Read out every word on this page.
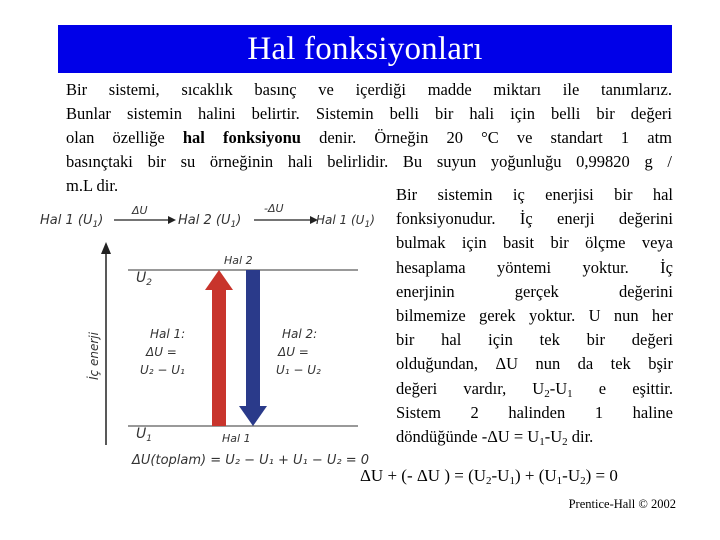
Hal fonksiyonları
Bir sistemi, sıcaklık basınç ve içerdiği madde miktarı ile tanımlarız.
Bunlar sistemin halini belirtir. Sistemin belli bir hali için belli bir değeri
olan özelliğe hal fonksiyonu denir. Örneğin 20 °C ve standart 1 atm
basınçtaki bir su örneğinin hali belirlidir. Bu suyun yoğunluğu 0,99820 g /
m.L dir.
Hal 1 $(U_1)$
ΔU
Hal 2 $(U_1)$
-ΔU
Hal 1 $(U_1)$
İç enerji
$U_2$
Hal 2
$U_1$	Hal 1
Hal 1:
ΔU =
U₂ − U₁
Hal 2:
ΔU =
U₁ − U₂
ΔU(toplam) = U₂ − U₁ + U₁ − U₂ = 0
Bir sistemin iç enerjisi bir hal
fonksiyonudur. İç enerji değerini
bulmak için basit bir ölçme veya
hesaplama yöntemi yoktur. İç
enerjinin gerçek değerini
bilmemize gerek yoktur. U nun her
bir hal için tek bir değeri
olduğundan, ΔU nun da tek bşir
değeri vardır, $U_2-U_1$ e eşittir.
Sistem 2 halinden 1 haline
döndüğünde $-\Delta U = U_1-U_2$ dir.
ΔU + (- ΔU ) = $(U_2-U_1) + (U_1-U_2) = 0$
Prentice-Hall © 2002
